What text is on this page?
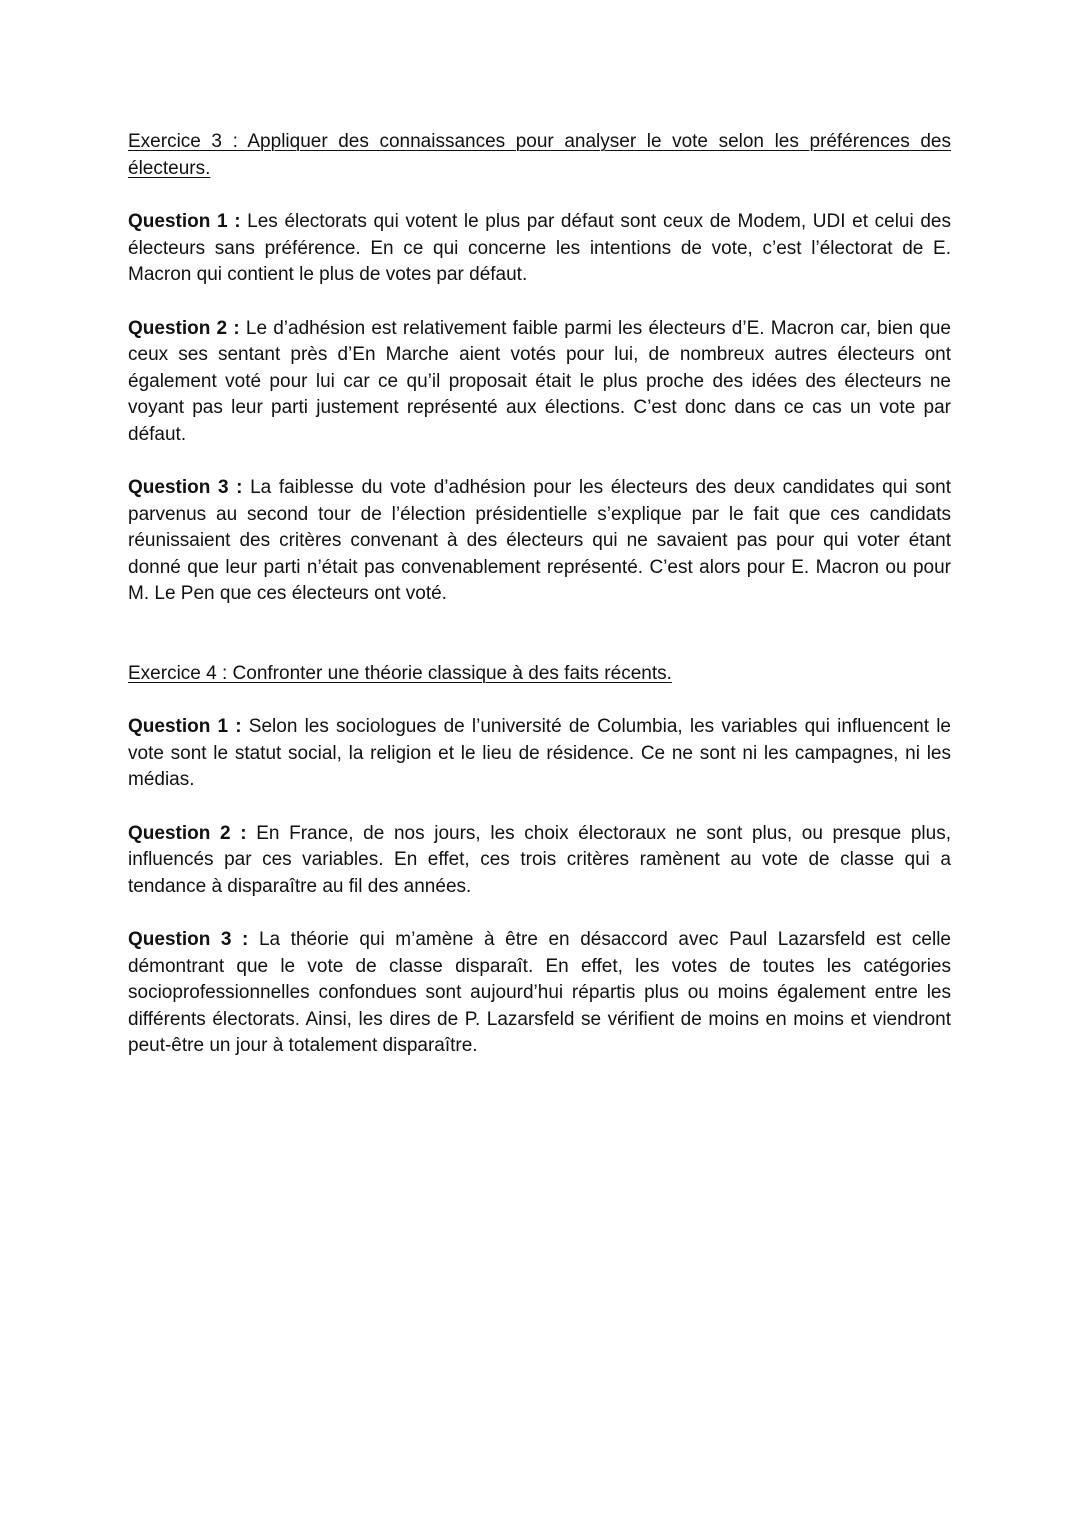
Exercice 3 : Appliquer des connaissances pour analyser le vote selon les préférences des électeurs.

Question 1 : Les électorats qui votent le plus par défaut sont ceux de Modem, UDI et celui des électeurs sans préférence. En ce qui concerne les intentions de vote, c’est l’électorat de E. Macron qui contient le plus de votes par défaut.

Question 2 : Le d’adhésion est relativement faible parmi les électeurs d’E. Macron car, bien que ceux ses sentant près d’En Marche aient votés pour lui, de nombreux autres électeurs ont également voté pour lui car ce qu’il proposait était le plus proche des idées des électeurs ne voyant pas leur parti justement représenté aux élections. C’est donc dans ce cas un vote par défaut.

Question 3 : La faiblesse du vote d’adhésion pour les électeurs des deux candidates qui sont parvenus au second tour de l’élection présidentielle s’explique par le fait que ces candidats réunissaient des critères convenant à des électeurs qui ne savaient pas pour qui voter étant donné que leur parti n’était pas convenablement représenté. C’est alors pour E. Macron ou pour M. Le Pen que ces électeurs ont voté.

Exercice 4 : Confronter une théorie classique à des faits récents.

Question 1 : Selon les sociologues de l’université de Columbia, les variables qui influencent le vote sont le statut social, la religion et le lieu de résidence. Ce ne sont ni les campagnes, ni les médias.

Question 2 : En France, de nos jours, les choix électoraux ne sont plus, ou presque plus, influencés par ces variables. En effet, ces trois critères ramènent au vote de classe qui a tendance à disparaître au fil des années.

Question 3 : La théorie qui m’amène à être en désaccord avec Paul Lazarsfeld est celle démontrant que le vote de classe disparaît. En effet, les votes de toutes les catégories socioprofessionnelles confondues sont aujourd’hui répartis plus ou moins également entre les différents électorats. Ainsi, les dires de P. Lazarsfeld se vérifient de moins en moins et viendront peut-être un jour à totalement disparaître.
